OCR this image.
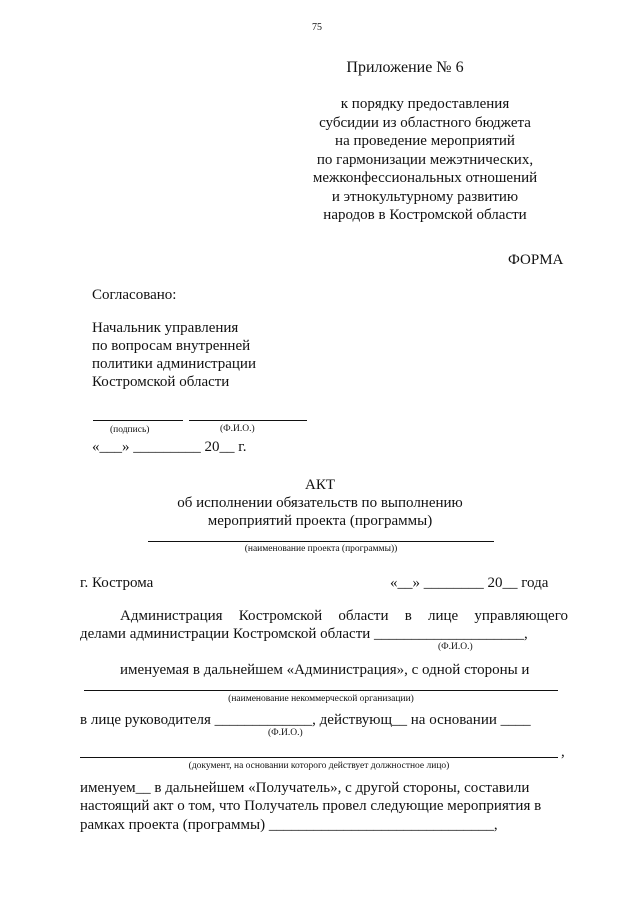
75
Приложение № 6
к порядку предоставления
субсидии из областного бюджета
на проведение мероприятий
по гармонизации межэтнических,
межконфессиональных отношений
и этнокультурному развитию
народов в Костромской области
ФОРМА
Согласовано:
Начальник управления
по вопросам внутренней
политики администрации
Костромской области
(подпись)	(Ф.И.О.)
«___» _________ 20__ г.
АКТ
об исполнении обязательств по выполнению
мероприятий проекта (программы)
(наименование проекта (программы))
г. Кострома	«__» ________ 20__ года
Администрация Костромской области в лице управляющего
делами администрации Костромской области ____________________,
(Ф.И.О.)
именуемая в дальнейшем «Администрация», с одной стороны и
(наименование некоммерческой организации)
в лице руководителя _____________, действующ__ на основании ____
(Ф.И.О.)
,
(документ, на основании которого действует должностное лицо)
именуем__ в дальнейшем «Получатель», с другой стороны, составили
настоящий акт о том, что Получатель провел следующие мероприятия в
рамках проекта (программы) ______________________________,
